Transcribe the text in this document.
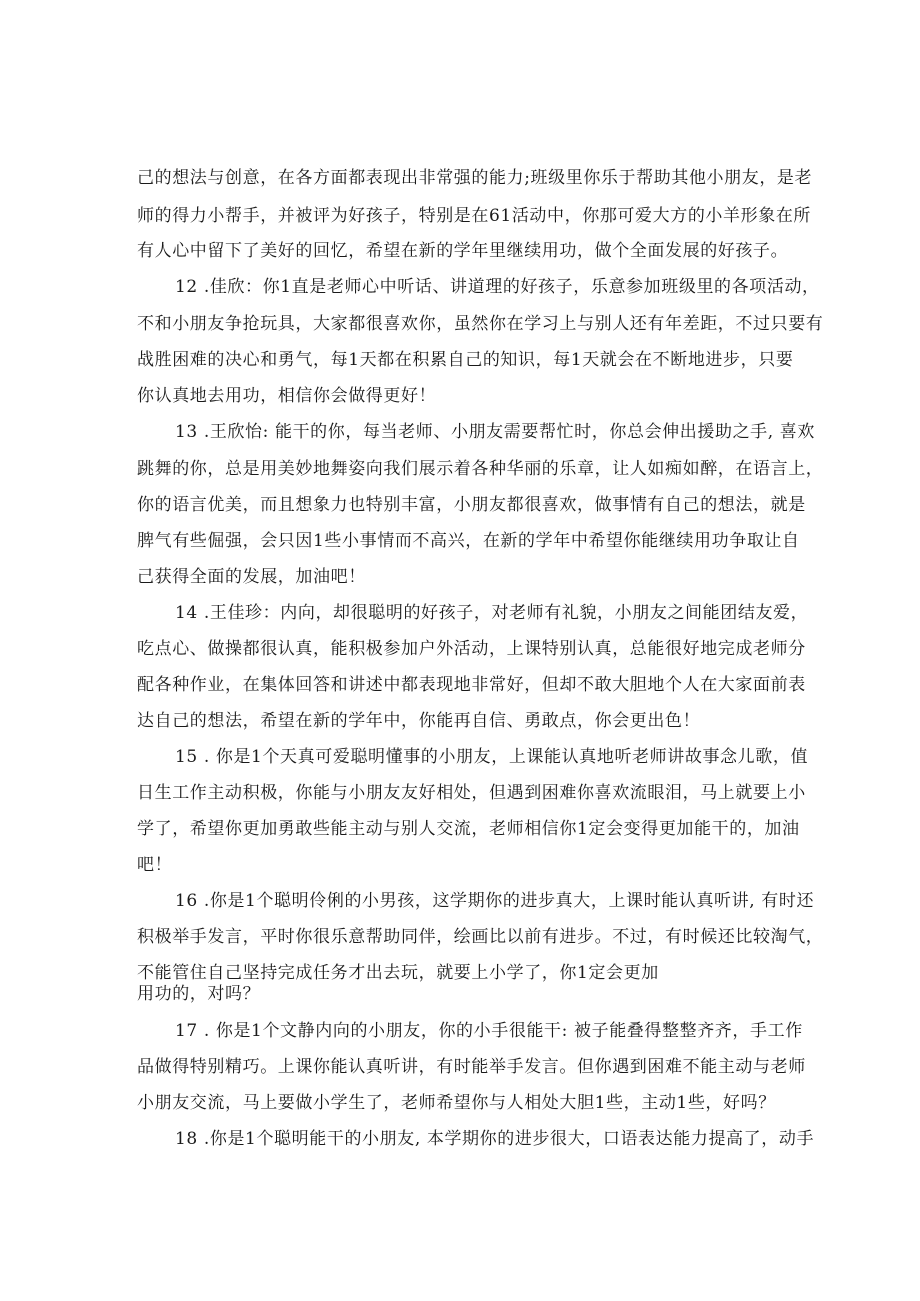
己的想法与创意，在各方面都表现出非常强的能力;班级里你乐于帮助其他小朋友，是老
师的得力小帮手，并被评为好孩子，特别是在61活动中，你那可爱大方的小羊形象在所
有人心中留下了美好的回忆，希望在新的学年里继续用功，做个全面发展的好孩子。
12 .佳欣：你1直是老师心中听话、讲道理的好孩子，乐意参加班级里的各项活动，
不和小朋友争抢玩具，大家都很喜欢你，虽然你在学习上与别人还有年差距，不过只要有
战胜困难的决心和勇气，每1天都在积累自己的知识，每1天就会在不断地进步，只要
你认真地去用功，相信你会做得更好！
13 .王欣怡: 能干的你，每当老师、小朋友需要帮忙时，你总会伸出援助之手, 喜欢
跳舞的你，总是用美妙地舞姿向我们展示着各种华丽的乐章，让人如痴如醉，在语言上，
你的语言优美，而且想象力也特别丰富，小朋友都很喜欢，做事情有自己的想法，就是
脾气有些倔强，会只因1些小事情而不高兴，在新的学年中希望你能继续用功争取让自
己获得全面的发展，加油吧！
14 .王佳珍：内向，却很聪明的好孩子，对老师有礼貌，小朋友之间能团结友爱，
吃点心、做操都很认真，能积极参加户外活动，上课特别认真，总能很好地完成老师分
配各种作业，在集体回答和讲述中都表现地非常好，但却不敢大胆地个人在大家面前表
达自己的想法，希望在新的学年中，你能再自信、勇敢点，你会更出色！
15 . 你是1个天真可爱聪明懂事的小朋友，上课能认真地听老师讲故事念儿歌，值
日生工作主动积极，你能与小朋友友好相处，但遇到困难你喜欢流眼泪，马上就要上小
学了，希望你更加勇敢些能主动与别人交流，老师相信你1定会变得更加能干的，加油
吧！
16 .你是1个聪明伶俐的小男孩，这学期你的进步真大，上课时能认真听讲, 有时还
积极举手发言，平时你很乐意帮助同伴，绘画比以前有进步。不过，有时候还比较淘气，
不能管住自己坚持完成任务才出去玩，就要上小学了，你1定会更加
用功的，对吗？
17 . 你是1个文静内向的小朋友，你的小手很能干: 被子能叠得整整齐齐，手工作
品做得特别精巧。上课你能认真听讲，有时能举手发言。但你遇到困难不能主动与老师
小朋友交流，马上要做小学生了，老师希望你与人相处大胆1些，主动1些，好吗？
18 .你是1个聪明能干的小朋友, 本学期你的进步很大，口语表达能力提高了，动手
